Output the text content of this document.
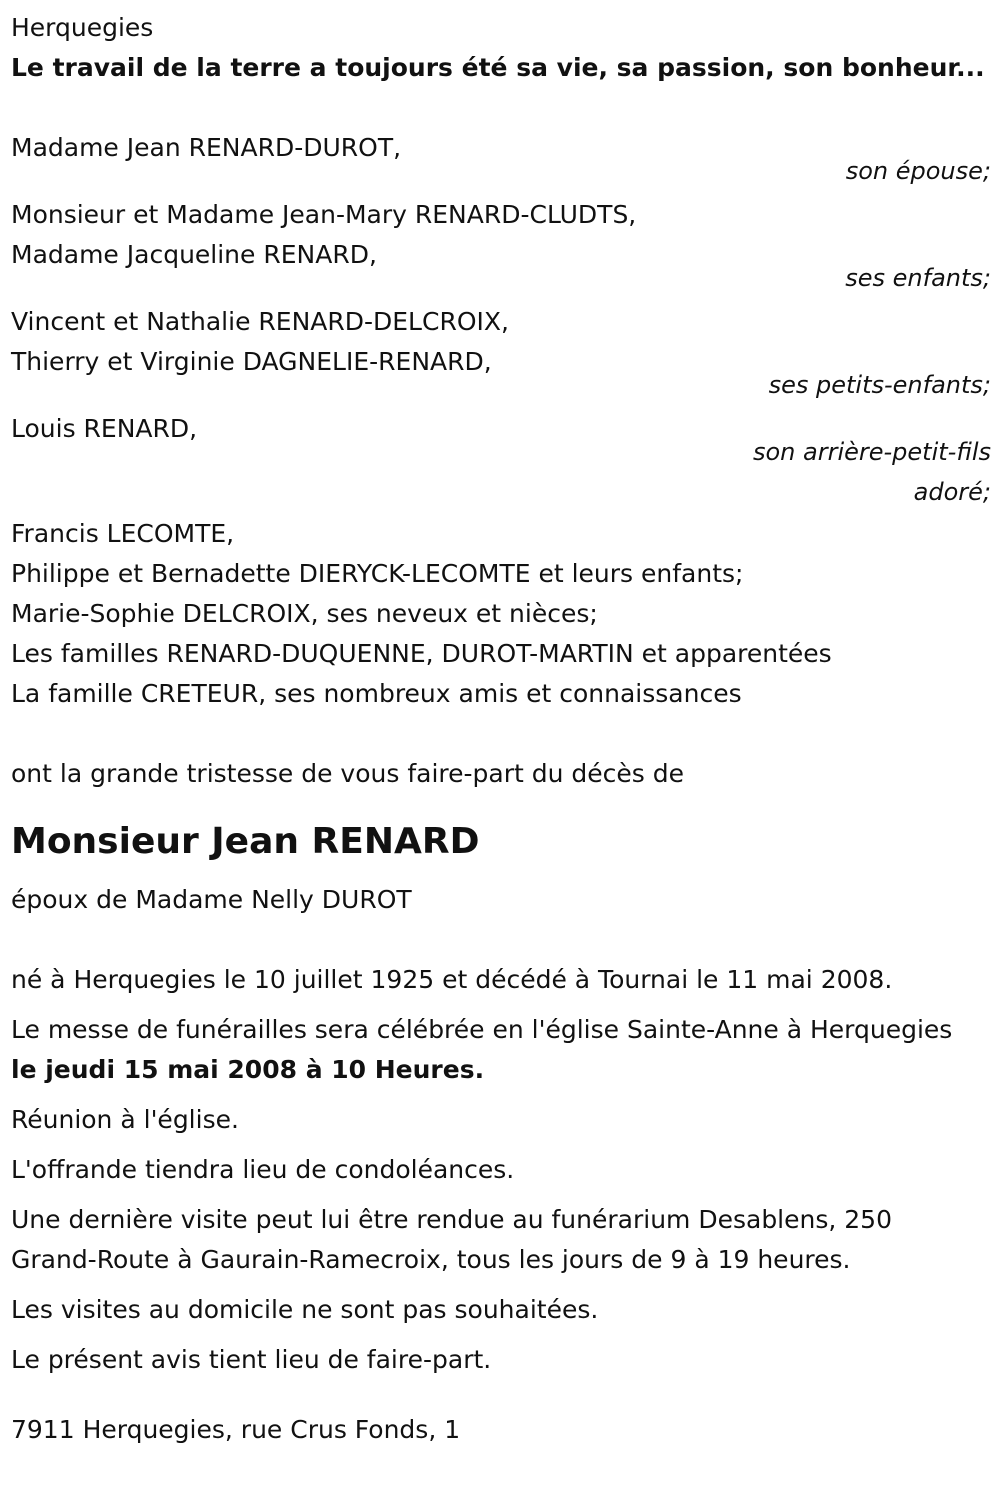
Herquegies
Le travail de la terre a toujours été sa vie, sa passion, son bonheur...
Madame Jean RENARD-DUROT,
son épouse;
Monsieur et Madame Jean-Mary RENARD-CLUDTS,
Madame Jacqueline RENARD,
ses enfants;
Vincent et Nathalie RENARD-DELCROIX,
Thierry et Virginie DAGNELIE-RENARD,
ses petits-enfants;
Louis RENARD,
son arrière-petit-fils
adoré;
Francis LECOMTE,
Philippe et Bernadette DIERYCK-LECOMTE et leurs enfants;
Marie-Sophie DELCROIX, ses neveux et nièces;
Les familles RENARD-DUQUENNE, DUROT-MARTIN et apparentées
La famille CRETEUR, ses nombreux amis et connaissances
ont la grande tristesse de vous faire-part du décès de
Monsieur Jean RENARD
époux de Madame Nelly DUROT
né à Herquegies le 10 juillet 1925 et décédé à Tournai le 11 mai 2008.
Le messe de funérailles sera célébrée en l'église Sainte-Anne à Herquegies le jeudi 15 mai 2008 à 10 Heures.
Réunion à l'église.
L'offrande tiendra lieu de condoléances.
Une dernière visite peut lui être rendue au funérarium Desablens, 250 Grand-Route à Gaurain-Ramecroix, tous les jours de 9 à 19 heures.
Les visites au domicile ne sont pas souhaitées.
Le présent avis tient lieu de faire-part.
7911 Herquegies, rue Crus Fonds, 1
